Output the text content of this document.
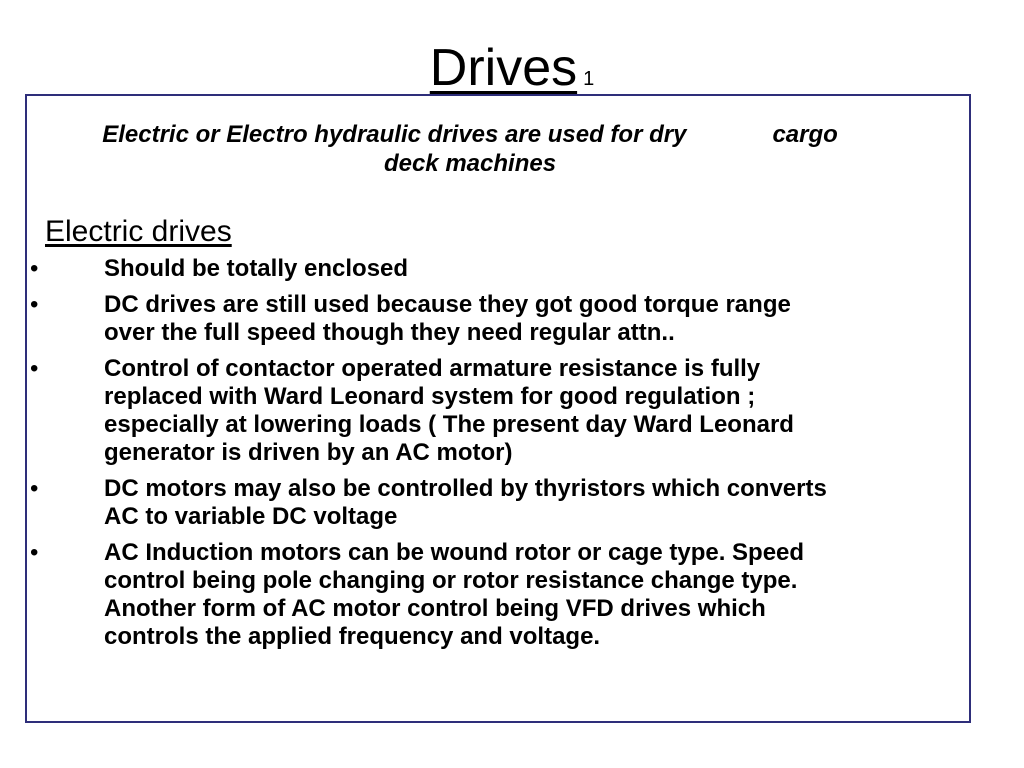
Drives 1
Electric or Electro hydraulic drives are used for dry	cargo
deck machines
Electric drives
•	Should be totally enclosed
•	DC drives are still used because they got good torque range
over the full speed though they need regular attn..
•	Control of contactor operated armature resistance is fully
replaced with Ward Leonard system for good regulation ;
especially at lowering loads ( The present day Ward Leonard
generator is driven by an AC motor)
•	DC motors may also be controlled by thyristors which converts
AC to variable DC voltage
•	AC Induction motors can be wound rotor or cage type. Speed
control being pole changing or rotor resistance change type.
Another form of AC motor control being VFD drives which
controls the applied frequency and voltage.
